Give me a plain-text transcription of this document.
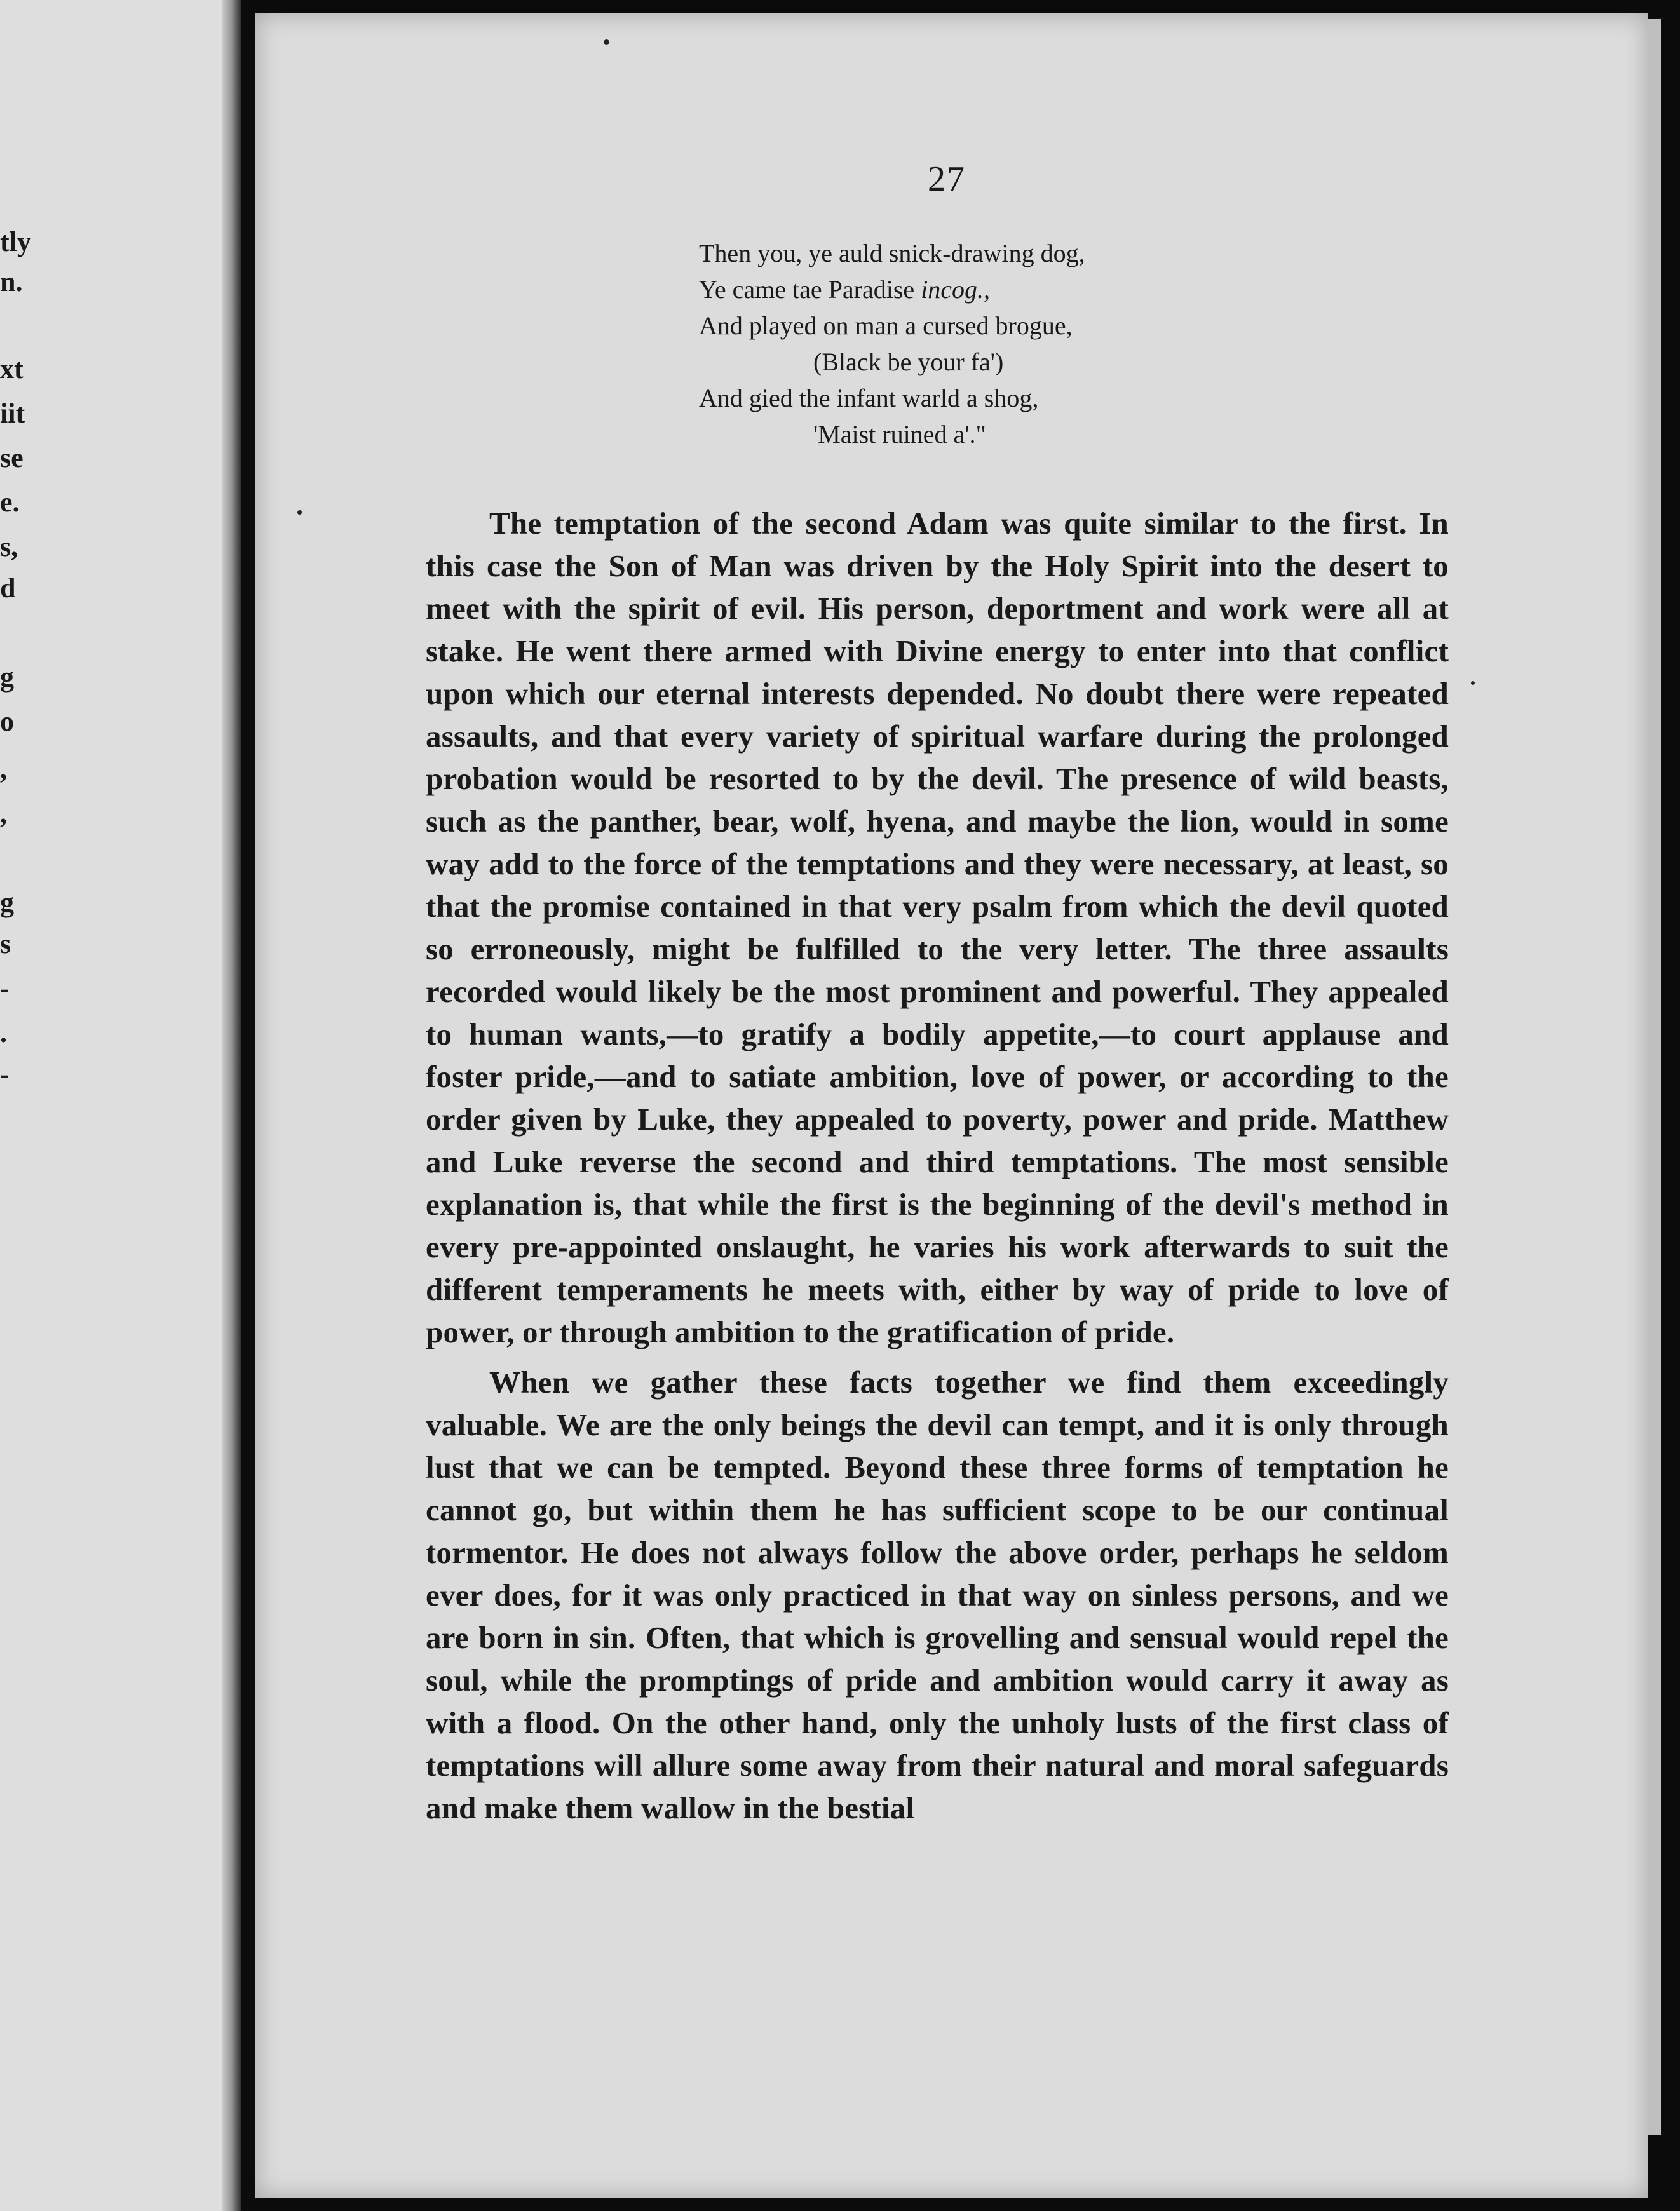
tly
n.
xt
iit
se
e.
s,
d
g
o
,
,
g
s
-
.
-
27
Then you, ye auld snick-drawing dog,
Ye came tae Paradise incog.,
And played on man a cursed brogue,
(Black be your fa')
And gied the infant warld a shog,
'Maist ruined a'."

The temptation of the second Adam was quite similar to the first. In this case the Son of Man was driven by the Holy Spirit into the desert to meet with the spirit of evil. His person, deportment and work were all at stake. He went there armed with Divine energy to enter into that conflict upon which our eternal interests depended. No doubt there were repeated assaults, and that every variety of spiritual warfare during the prolonged probation would be resorted to by the devil. The presence of wild beasts, such as the panther, bear, wolf, hyena, and maybe the lion, would in some way add to the force of the temptations and they were necessary, at least, so that the promise contained in that very psalm from which the devil quoted so erroneously, might be fulfilled to the very letter. The three assaults recorded would likely be the most prominent and powerful. They appealed to human wants,—to gratify a bodily appetite,—to court applause and foster pride,—and to satiate ambition, love of power, or according to the order given by Luke, they appealed to poverty, power and pride. Matthew and Luke reverse the second and third temptations. The most sensible explanation is, that while the first is the beginning of the devil's method in every pre-appointed onslaught, he varies his work afterwards to suit the different temperaments he meets with, either by way of pride to love of power, or through ambition to the gratification of pride.

When we gather these facts together we find them exceedingly valuable. We are the only beings the devil can tempt, and it is only through lust that we can be tempted. Beyond these three forms of temptation he cannot go, but within them he has sufficient scope to be our continual tormentor. He does not always follow the above order, perhaps he seldom ever does, for it was only practiced in that way on sinless persons, and we are born in sin. Often, that which is grovelling and sensual would repel the soul, while the promptings of pride and ambition would carry it away as with a flood. On the other hand, only the unholy lusts of the first class of temptations will allure some away from their natural and moral safeguards and make them wallow in the bestial
